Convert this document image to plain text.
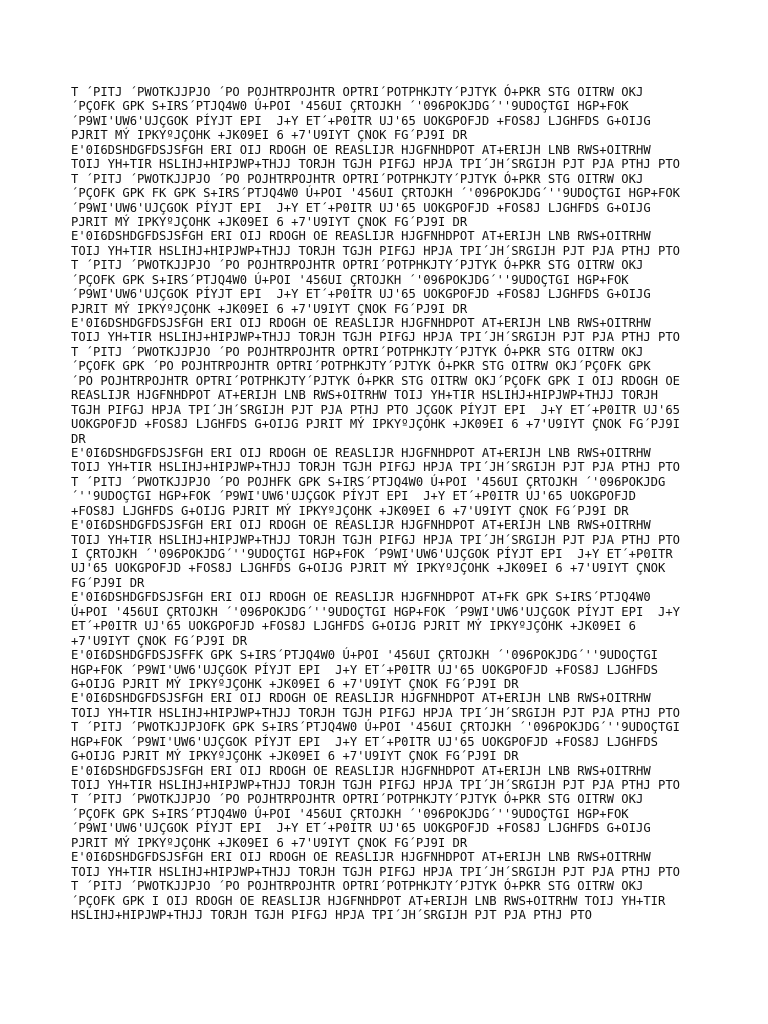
T ´PITJ ´PWOTKJJPJO ´PO POJHTRPOJHTR OPTRI´POTPHKJTY´PJTYK Ó+PKR STG OITRW OKJ
´PÇOFK GPK S+IRS´PTJQ4W0 Ú+POI '456UI ÇRTOJKH ´'096POKJDG´''9UDOÇTGI HGP+FOK
´P9WI'UW6'UJÇGOK PÍYJT EPI  J+Y ET´+P0ITR UJ'65 UOKGPOFJD +FOS8J LJGHFDS G+OIJG
PJRIT MÝ IPKYºJÇOHK +JK09EI 6 +7'U9IYT ÇNOK FG´PJ9I DR
E'0I6DSHDGFDSJSFGH ERI OIJ RDOGH OE REASLIJR HJGFNHDPOT AT+ERIJH LNB RWS+OITRHW
TOIJ YH+TIR HSLIHJ+HIPJWP+THJJ TORJH TGJH PIFGJ HPJA TPI´JH´SRGIJH PJT PJA PTHJ PTO
T ´PITJ ´PWOTKJJPJO ´PO POJHTRPOJHTR OPTRI´POTPHKJTY´PJTYK Ó+PKR STG OITRW OKJ
´PÇOFK GPK FK GPK S+IRS´PTJQ4W0 Ú+POI '456UI ÇRTOJKH ´'096POKJDG´''9UDOÇTGI HGP+FOK
´P9WI'UW6'UJÇGOK PÍYJT EPI  J+Y ET´+P0ITR UJ'65 UOKGPOFJD +FOS8J LJGHFDS G+OIJG
PJRIT MÝ IPKYºJÇOHK +JK09EI 6 +7'U9IYT ÇNOK FG´PJ9I DR
E'0I6DSHDGFDSJSFGH ERI OIJ RDOGH OE REASLIJR HJGFNHDPOT AT+ERIJH LNB RWS+OITRHW
TOIJ YH+TIR HSLIHJ+HIPJWP+THJJ TORJH TGJH PIFGJ HPJA TPI´JH´SRGIJH PJT PJA PTHJ PTO
T ´PITJ ´PWOTKJJPJO ´PO POJHTRPOJHTR OPTRI´POTPHKJTY´PJTYK Ó+PKR STG OITRW OKJ
´PÇOFK GPK S+IRS´PTJQ4W0 Ú+POI '456UI ÇRTOJKH ´'096POKJDG´''9UDOÇTGI HGP+FOK
´P9WI'UW6'UJÇGOK PÍYJT EPI  J+Y ET´+P0ITR UJ'65 UOKGPOFJD +FOS8J LJGHFDS G+OIJG
PJRIT MÝ IPKYºJÇOHK +JK09EI 6 +7'U9IYT ÇNOK FG´PJ9I DR
E'0I6DSHDGFDSJSFGH ERI OIJ RDOGH OE REASLIJR HJGFNHDPOT AT+ERIJH LNB RWS+OITRHW
TOIJ YH+TIR HSLIHJ+HIPJWP+THJJ TORJH TGJH PIFGJ HPJA TPI´JH´SRGIJH PJT PJA PTHJ PTO
T ´PITJ ´PWOTKJJPJO ´PO POJHTRPOJHTR OPTRI´POTPHKJTY´PJTYK Ó+PKR STG OITRW OKJ
´PÇOFK GPK ´PO POJHTRPOJHTR OPTRI´POTPHKJTY´PJTYK Ó+PKR STG OITRW OKJ´PÇOFK GPK
´PO POJHTRPOJHTR OPTRI´POTPHKJTY´PJTYK Ó+PKR STG OITRW OKJ´PÇOFK GPK I OIJ RDOGH OE
REASLIJR HJGFNHDPOT AT+ERIJH LNB RWS+OITRHW TOIJ YH+TIR HSLIHJ+HIPJWP+THJJ TORJH
TGJH PIFGJ HPJA TPI´JH´SRGIJH PJT PJA PTHJ PTO JÇGOK PÍYJT EPI  J+Y ET´+P0ITR UJ'65
UOKGPOFJD +FOS8J LJGHFDS G+OIJG PJRIT MÝ IPKYºJÇOHK +JK09EI 6 +7'U9IYT ÇNOK FG´PJ9I
DR
E'0I6DSHDGFDSJSFGH ERI OIJ RDOGH OE REASLIJR HJGFNHDPOT AT+ERIJH LNB RWS+OITRHW
TOIJ YH+TIR HSLIHJ+HIPJWP+THJJ TORJH TGJH PIFGJ HPJA TPI´JH´SRGIJH PJT PJA PTHJ PTO
T ´PITJ ´PWOTKJJPJO ´PO POJHFK GPK S+IRS´PTJQ4W0 Ú+POI '456UI ÇRTOJKH ´'096POKJDG
´''9UDOÇTGI HGP+FOK ´P9WI'UW6'UJÇGOK PÍYJT EPI  J+Y ET´+P0ITR UJ'65 UOKGPOFJD
+FOS8J LJGHFDS G+OIJG PJRIT MÝ IPKYºJÇOHK +JK09EI 6 +7'U9IYT ÇNOK FG´PJ9I DR
E'0I6DSHDGFDSJSFGH ERI OIJ RDOGH OE REASLIJR HJGFNHDPOT AT+ERIJH LNB RWS+OITRHW
TOIJ YH+TIR HSLIHJ+HIPJWP+THJJ TORJH TGJH PIFGJ HPJA TPI´JH´SRGIJH PJT PJA PTHJ PTO
I ÇRTOJKH ´'096POKJDG´''9UDOÇTGI HGP+FOK ´P9WI'UW6'UJÇGOK PÍYJT EPI  J+Y ET´+P0ITR
UJ'65 UOKGPOFJD +FOS8J LJGHFDS G+OIJG PJRIT MÝ IPKYºJÇOHK +JK09EI 6 +7'U9IYT ÇNOK
FG´PJ9I DR
E'0I6DSHDGFDSJSFGH ERI OIJ RDOGH OE REASLIJR HJGFNHDPOT AT+FK GPK S+IRS´PTJQ4W0
Ú+POI '456UI ÇRTOJKH ´'096POKJDG´''9UDOÇTGI HGP+FOK ´P9WI'UW6'UJÇGOK PÍYJT EPI  J+Y
ET´+P0ITR UJ'65 UOKGPOFJD +FOS8J LJGHFDS G+OIJG PJRIT MÝ IPKYºJÇOHK +JK09EI 6
+7'U9IYT ÇNOK FG´PJ9I DR
E'0I6DSHDGFDSJSFFK GPK S+IRS´PTJQ4W0 Ú+POI '456UI ÇRTOJKH ´'096POKJDG´''9UDOÇTGI
HGP+FOK ´P9WI'UW6'UJÇGOK PÍYJT EPI  J+Y ET´+P0ITR UJ'65 UOKGPOFJD +FOS8J LJGHFDS
G+OIJG PJRIT MÝ IPKYºJÇOHK +JK09EI 6 +7'U9IYT ÇNOK FG´PJ9I DR
E'0I6DSHDGFDSJSFGH ERI OIJ RDOGH OE REASLIJR HJGFNHDPOT AT+ERIJH LNB RWS+OITRHW
TOIJ YH+TIR HSLIHJ+HIPJWP+THJJ TORJH TGJH PIFGJ HPJA TPI´JH´SRGIJH PJT PJA PTHJ PTO
T ´PITJ ´PWOTKJJPJOFK GPK S+IRS´PTJQ4W0 Ú+POI '456UI ÇRTOJKH ´'096POKJDG´''9UDOÇTGI
HGP+FOK ´P9WI'UW6'UJÇGOK PÍYJT EPI  J+Y ET´+P0ITR UJ'65 UOKGPOFJD +FOS8J LJGHFDS
G+OIJG PJRIT MÝ IPKYºJÇOHK +JK09EI 6 +7'U9IYT ÇNOK FG´PJ9I DR
E'0I6DSHDGFDSJSFGH ERI OIJ RDOGH OE REASLIJR HJGFNHDPOT AT+ERIJH LNB RWS+OITRHW
TOIJ YH+TIR HSLIHJ+HIPJWP+THJJ TORJH TGJH PIFGJ HPJA TPI´JH´SRGIJH PJT PJA PTHJ PTO
T ´PITJ ´PWOTKJJPJO ´PO POJHTRPOJHTR OPTRI´POTPHKJTY´PJTYK Ó+PKR STG OITRW OKJ
´PÇOFK GPK S+IRS´PTJQ4W0 Ú+POI '456UI ÇRTOJKH ´'096POKJDG´''9UDOÇTGI HGP+FOK
´P9WI'UW6'UJÇGOK PÍYJT EPI  J+Y ET´+P0ITR UJ'65 UOKGPOFJD +FOS8J LJGHFDS G+OIJG
PJRIT MÝ IPKYºJÇOHK +JK09EI 6 +7'U9IYT ÇNOK FG´PJ9I DR
E'0I6DSHDGFDSJSFGH ERI OIJ RDOGH OE REASLIJR HJGFNHDPOT AT+ERIJH LNB RWS+OITRHW
TOIJ YH+TIR HSLIHJ+HIPJWP+THJJ TORJH TGJH PIFGJ HPJA TPI´JH´SRGIJH PJT PJA PTHJ PTO
T ´PITJ ´PWOTKJJPJO ´PO POJHTRPOJHTR OPTRI´POTPHKJTY´PJTYK Ó+PKR STG OITRW OKJ
´PÇOFK GPK I OIJ RDOGH OE REASLIJR HJGFNHDPOT AT+ERIJH LNB RWS+OITRHW TOIJ YH+TIR
HSLIHJ+HIPJWP+THJJ TORJH TGJH PIFGJ HPJA TPI´JH´SRGIJH PJT PJA PTHJ PTO
